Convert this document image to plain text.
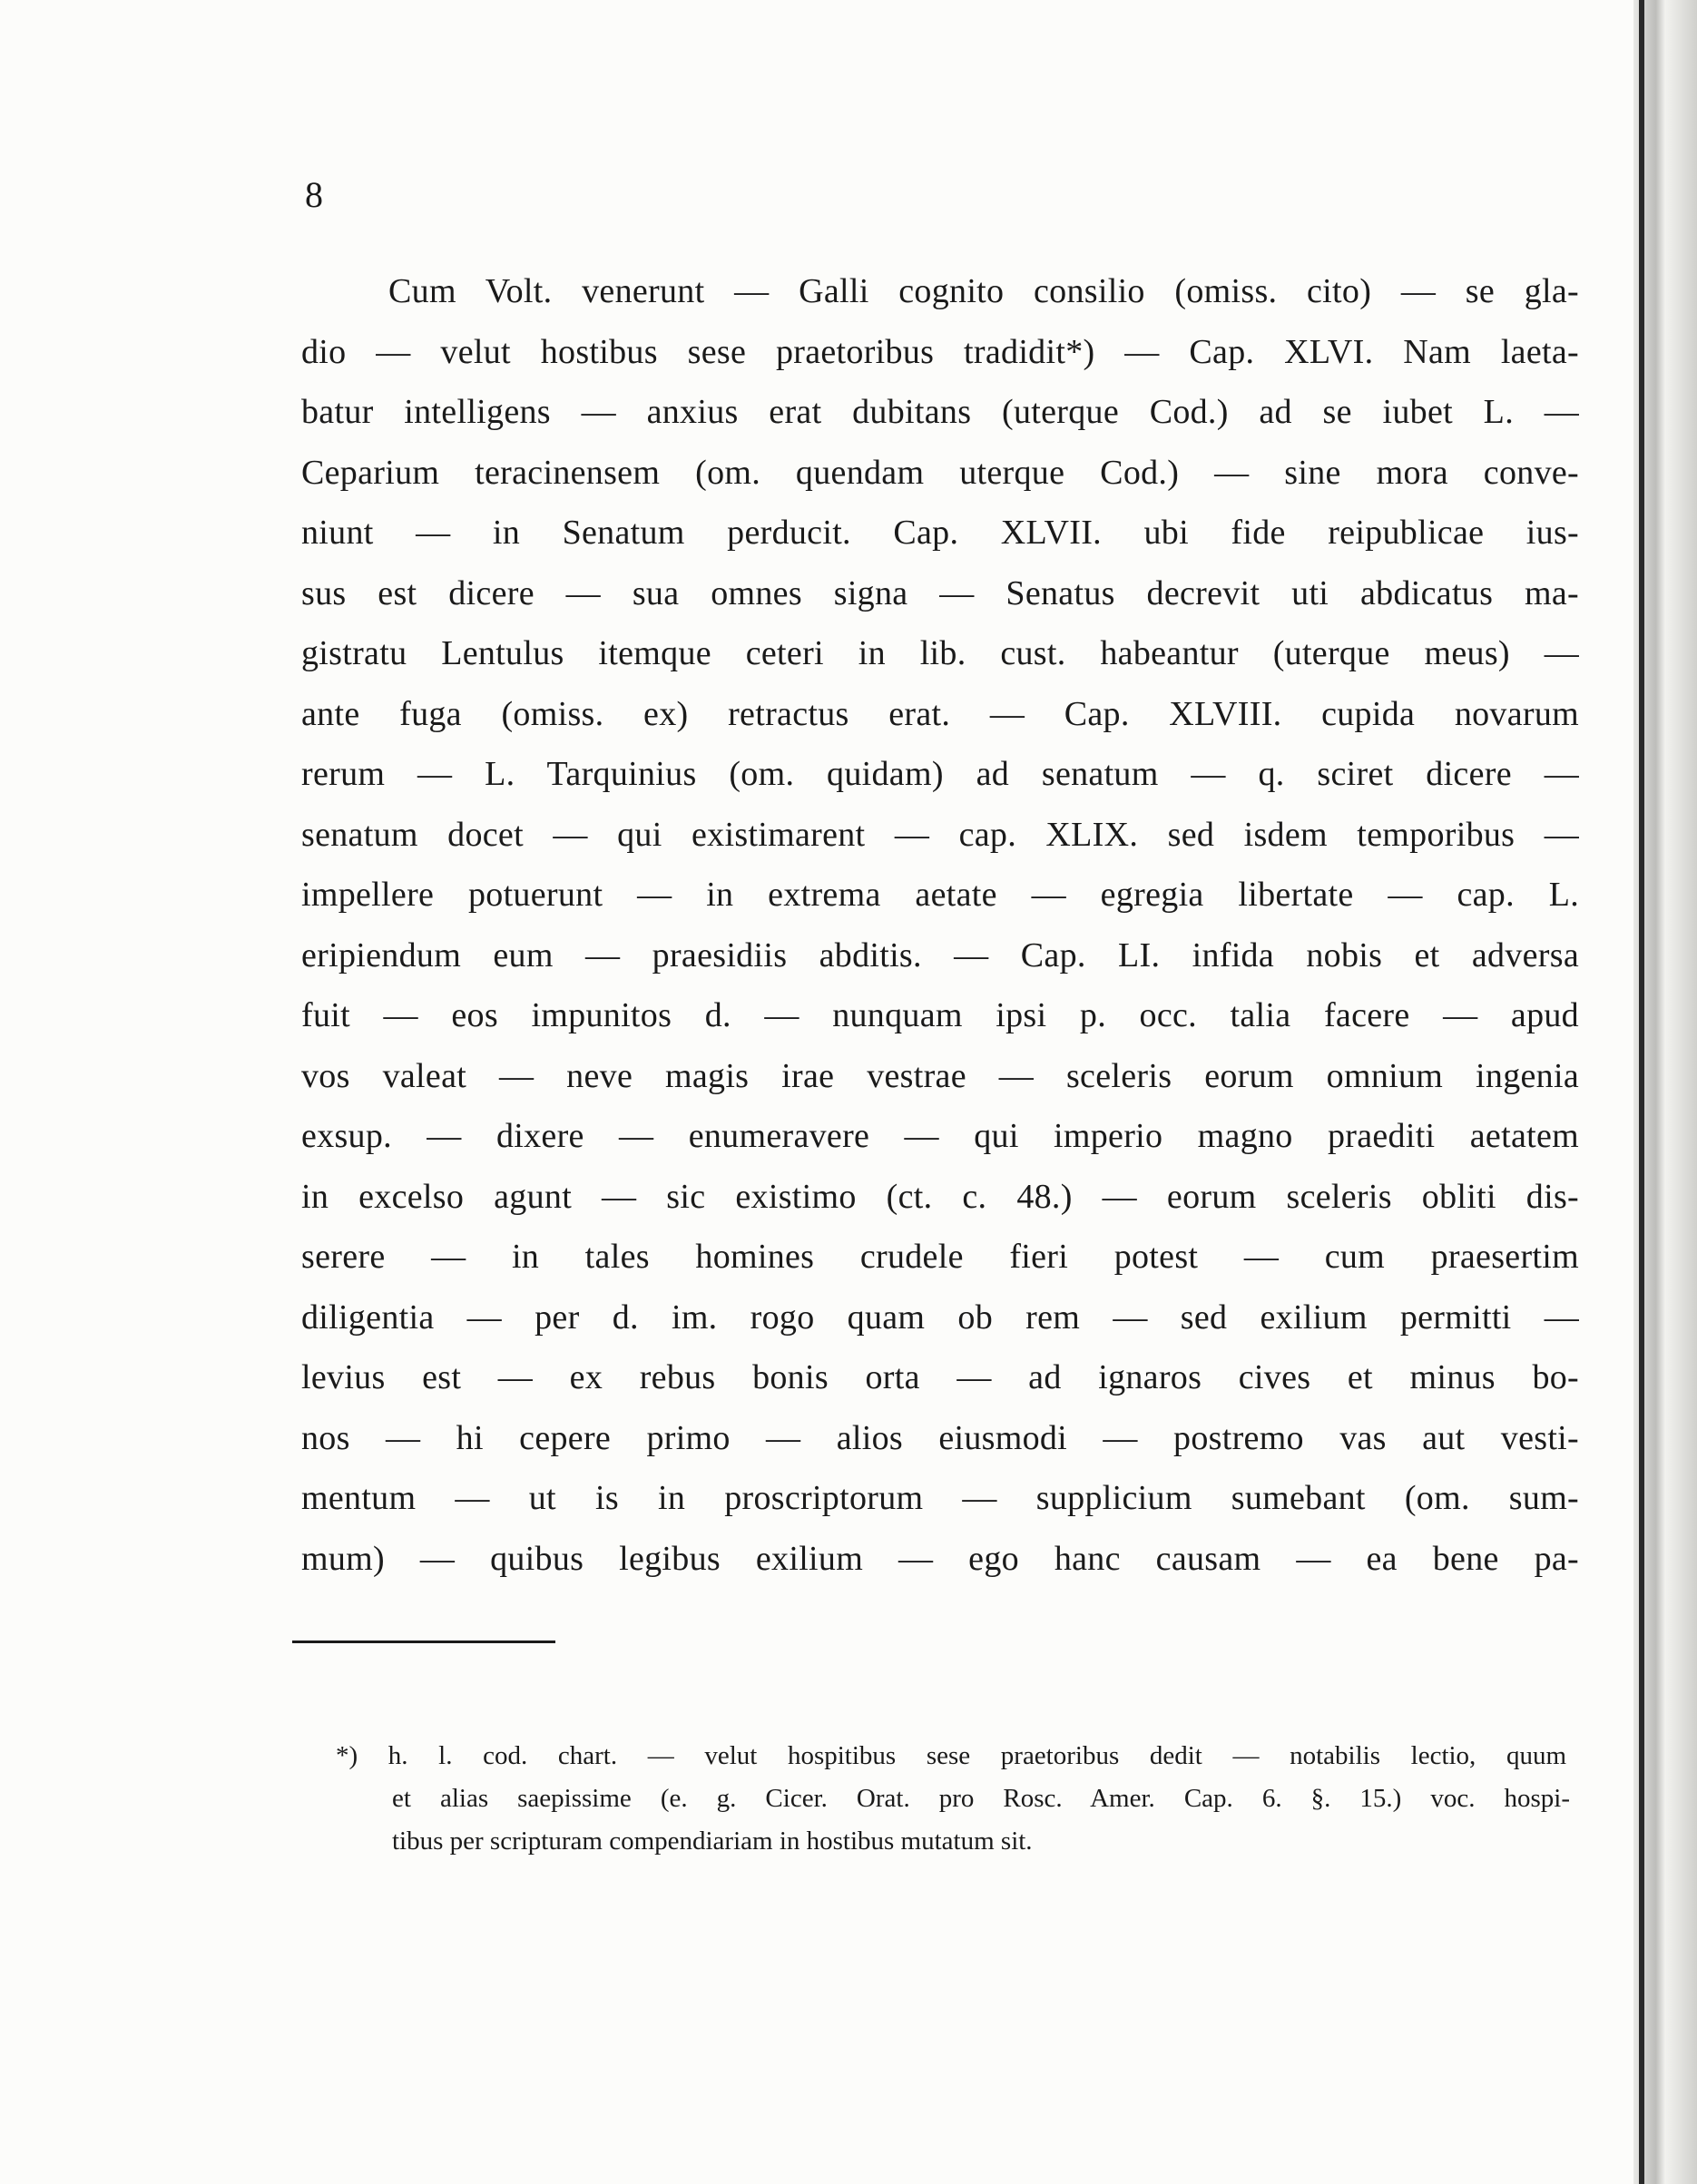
8
Cum Volt. venerunt — Galli cognito consilio (omiss. cito) — se gla-
dio — velut hostibus sese praetoribus tradidit*) — Cap. XLVI. Nam laeta-
batur intelligens — anxius erat dubitans (uterque Cod.) ad se iubet L. —
Ceparium teracinensem (om. quendam uterque Cod.) — sine mora conve-
niunt — in Senatum perducit. Cap. XLVII. ubi fide reipublicae ius-
sus est dicere — sua omnes signa — Senatus decrevit uti abdicatus ma-
gistratu Lentulus itemque ceteri in lib. cust. habeantur (uterque meus) —
ante fuga (omiss. ex) retractus erat. — Cap. XLVIII. cupida novarum
rerum — L. Tarquinius (om. quidam) ad senatum — q. sciret dicere —
senatum docet — qui existimarent — cap. XLIX. sed isdem temporibus —
impellere potuerunt — in extrema aetate — egregia libertate — cap. L.
eripiendum eum — praesidiis abditis. — Cap. LI. infida nobis et adversa
fuit — eos impunitos d. — nunquam ipsi p. occ. talia facere — apud
vos valeat — neve magis irae vestrae — sceleris eorum omnium ingenia
exsup. — dixere — enumeravere — qui imperio magno praediti aetatem
in excelso agunt — sic existimo (ct. c. 48.) — eorum sceleris obliti dis-
serere — in tales homines crudele fieri potest — cum praesertim
diligentia — per d. im. rogo quam ob rem — sed exilium permitti —
levius est — ex rebus bonis orta — ad ignaros cives et minus bo-
nos — hi cepere primo — alios eiusmodi — postremo vas aut vesti-
mentum — ut is in proscriptorum — supplicium sumebant (om. sum-
mum) — quibus legibus exilium — ego hanc causam — ea bene pa-
*) h. l. cod. chart. — velut hospitibus sese praetoribus dedit — notabilis lectio, quum
et alias saepissime (e. g. Cicer. Orat. pro Rosc. Amer. Cap. 6. §. 15.) voc. hospi-
tibus per scripturam compendiariam in hostibus mutatum sit.
